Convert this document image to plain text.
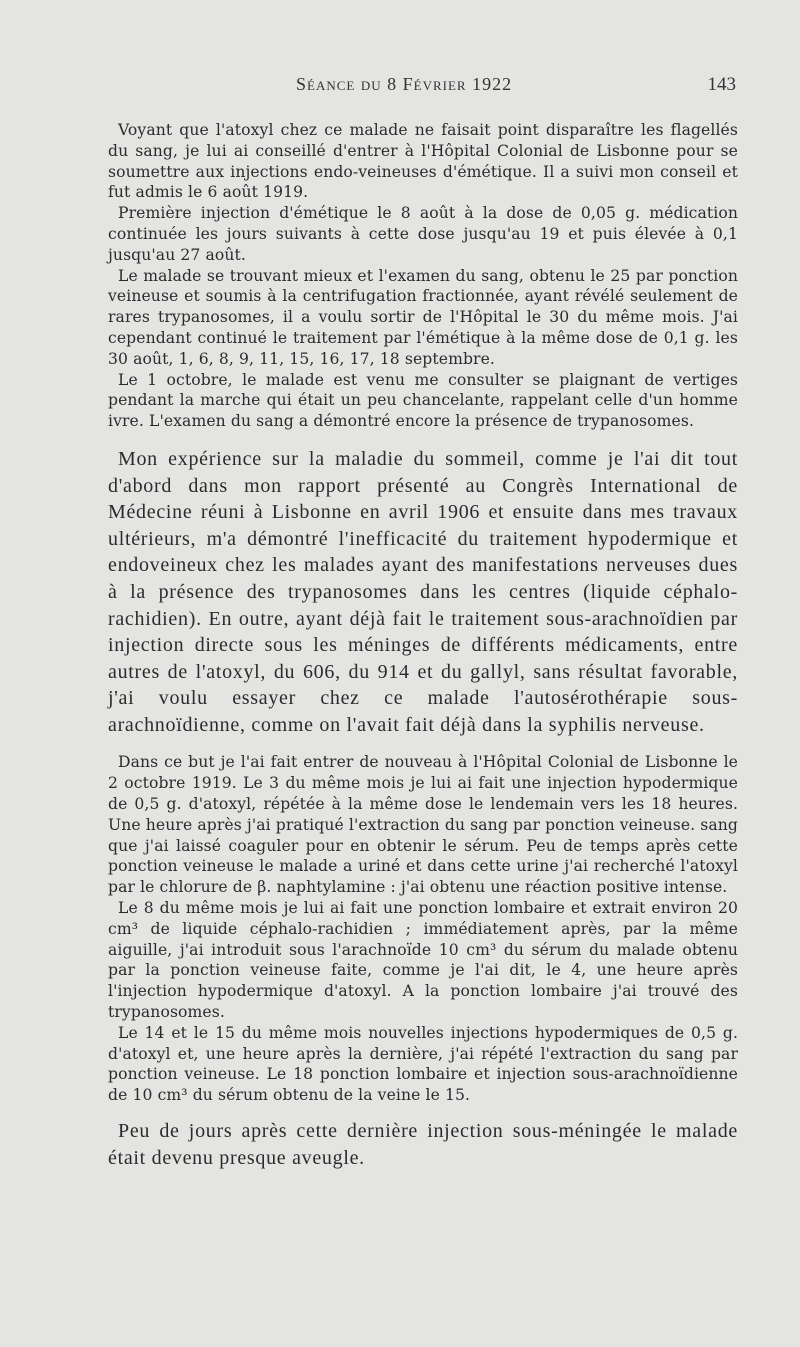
Séance du 8 Février 1922	143

Voyant que l'atoxyl chez ce malade ne faisait point disparaître les flagellés du sang, je lui ai conseillé d'entrer à l'Hôpital Colonial de Lisbonne pour se soumettre aux injections endo-veineuses d'émétique. Il a suivi mon conseil et fut admis le 6 août 1919.

Première injection d'émétique le 8 août à la dose de 0,05 g. médication continuée les jours suivants à cette dose jusqu'au 19 et puis élevée à 0,1 jusqu'au 27 août.

Le malade se trouvant mieux et l'examen du sang, obtenu le 25 par ponction veineuse et soumis à la centrifugation fractionnée, ayant révélé seulement de rares trypanosomes, il a voulu sortir de l'Hôpital le 30 du même mois. J'ai cependant continué le traitement par l'émétique à la même dose de 0,1 g. les 30 août, 1, 6, 8, 9, 11, 15, 16, 17, 18 septembre.

Le 1 octobre, le malade est venu me consulter se plaignant de vertiges pendant la marche qui était un peu chancelante, rappelant celle d'un homme ivre. L'examen du sang a démontré encore la présence de trypanosomes.

Mon expérience sur la maladie du sommeil, comme je l'ai dit tout d'abord dans mon rapport présenté au Congrès International de Médecine réuni à Lisbonne en avril 1906 et ensuite dans mes travaux ultérieurs, m'a démontré l'inefficacité du traitement hypodermique et endoveineux chez les malades ayant des manifestations nerveuses dues à la présence des trypanosomes dans les centres (liquide céphalo-rachidien). En outre, ayant déjà fait le traitement sous-arachnoïdien par injection directe sous les méninges de différents médicaments, entre autres de l'atoxyl, du 606, du 914 et du gallyl, sans résultat favorable, j'ai voulu essayer chez ce malade l'autosérothérapie sous-arachnoïdienne, comme on l'avait fait déjà dans la syphilis nerveuse.

Dans ce but je l'ai fait entrer de nouveau à l'Hôpital Colonial de Lisbonne le 2 octobre 1919. Le 3 du même mois je lui ai fait une injection hypodermique de 0,5 g. d'atoxyl, répétée à la même dose le lendemain vers les 18 heures. Une heure après j'ai pratiqué l'extraction du sang par ponction veineuse. sang que j'ai laissé coaguler pour en obtenir le sérum. Peu de temps après cette ponction veineuse le malade a uriné et dans cette urine j'ai recherché l'atoxyl par le chlorure de β. naphtylamine : j'ai obtenu une réaction positive intense.

Le 8 du même mois je lui ai fait une ponction lombaire et extrait environ 20 cm³ de liquide céphalo-rachidien ; immédiatement après, par la même aiguille, j'ai introduit sous l'arachnoïde 10 cm³ du sérum du malade obtenu par la ponction veineuse faite, comme je l'ai dit, le 4, une heure après l'injection hypodermique d'atoxyl. A la ponction lombaire j'ai trouvé des trypanosomes.

Le 14 et le 15 du même mois nouvelles injections hypodermiques de 0,5 g. d'atoxyl et, une heure après la dernière, j'ai répété l'extraction du sang par ponction veineuse. Le 18 ponction lombaire et injection sous-arachnoïdienne de 10 cm³ du sérum obtenu de la veine le 15.

Peu de jours après cette dernière injection sous-méningée le malade était devenu presque aveugle.
